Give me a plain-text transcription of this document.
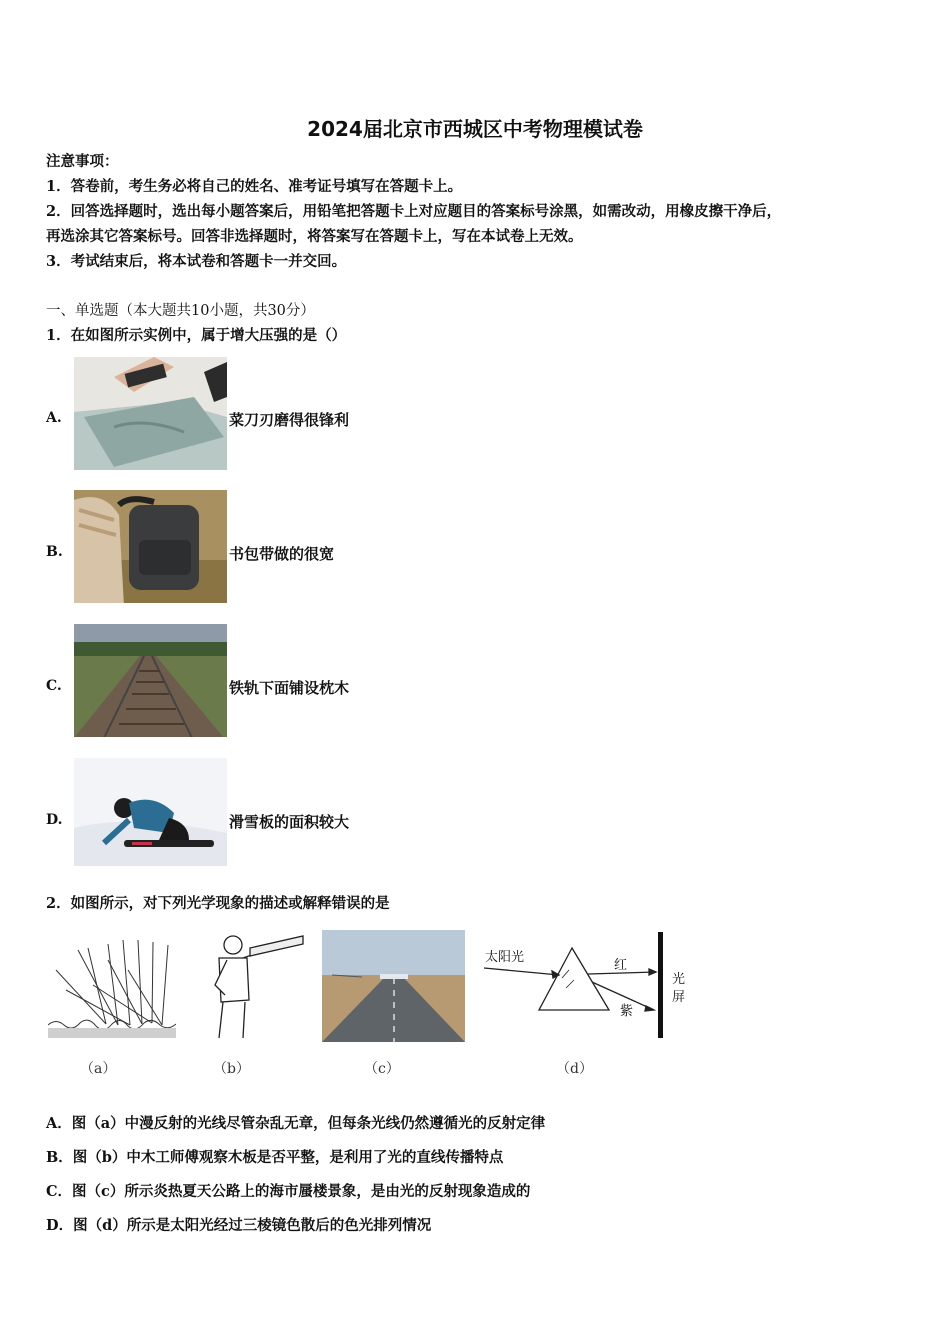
2024届北京市西城区中考物理模试卷
注意事项：
1．答卷前，考生务必将自己的姓名、准考证号填写在答题卡上。
2．回答选择题时，选出每小题答案后，用铅笔把答题卡上对应题目的答案标号涂黑，如需改动，用橡皮擦干净后，
再选涂其它答案标号。回答非选择题时，将答案写在答题卡上，写在本试卷上无效。
3．考试结束后，将本试卷和答题卡一并交回。
一、单选题（本大题共10小题，共30分）
1．在如图所示实例中，属于增大压强的是（）
A.	菜刀刃磨得很锋利
B.	书包带做的很宽
C.	铁轨下面铺设枕木
D.	滑雪板的面积较大
2．如图所示，对下列光学现象的描述或解释错误的是
（a）	（b）	（c）
太阳光
红
紫
光
屏
（d）
A．图（a）中漫反射的光线尽管杂乱无章，但每条光线仍然遵循光的反射定律
B．图（b）中木工师傅观察木板是否平整，是利用了光的直线传播特点
C．图（c）所示炎热夏天公路上的海市蜃楼景象，是由光的反射现象造成的
D．图（d）所示是太阳光经过三棱镜色散后的色光排列情况
